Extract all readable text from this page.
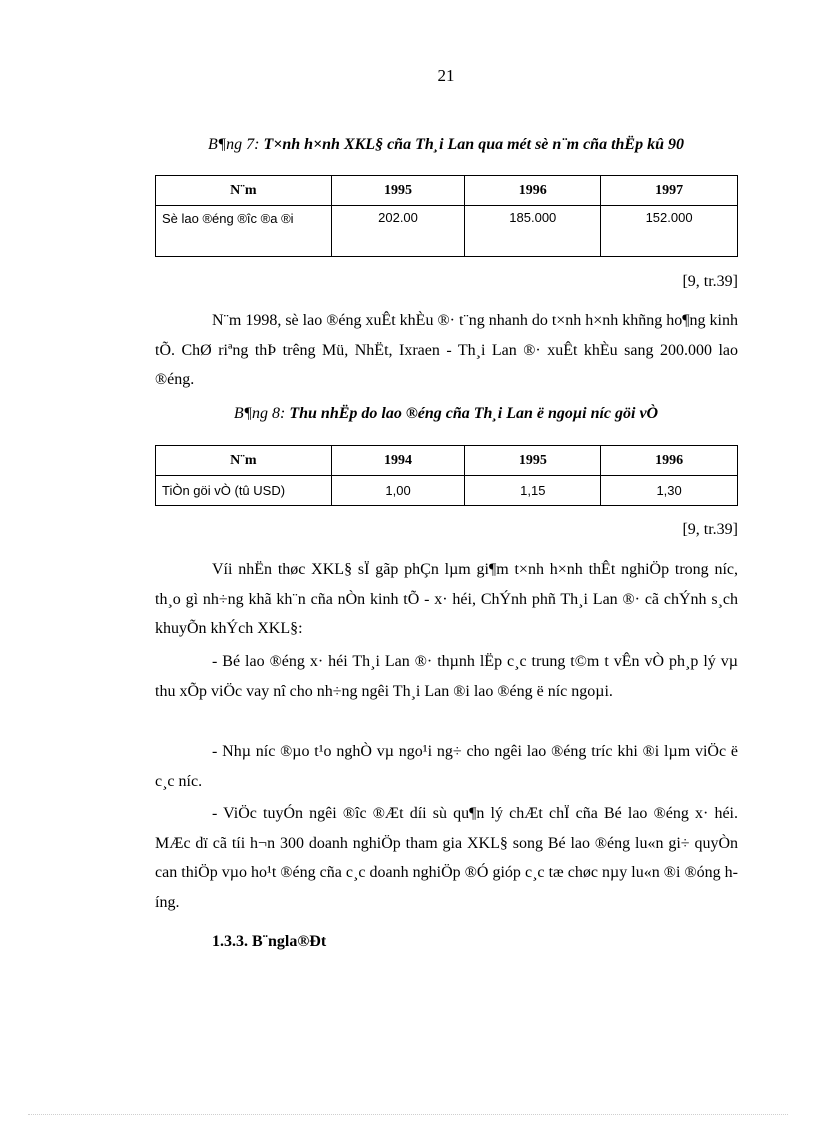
21
B¶ng 7: T×nh h×nh XKL§ cña Th¸i Lan qua mét sè n¨m cña thËp kû 90
N¨m	1995	1996	1997
Sè lao ®éng ®îc ®a ®i	202.00	185.000	152.000
[9, tr.39]

N¨m 1998, sè lao ®éng xuÊt khÈu ®· t¨ng nhanh do t×nh h×nh khñng ho¶ng kinh tÕ. ChØ riªng thÞ trêng Mü, NhËt, Ixraen - Th¸i Lan ®· xuÊt khÈu sang 200.000 lao ®éng.

B¶ng 8: Thu nhËp do lao ®éng cña Th¸i Lan ë ngoµi níc göi vÒ
N¨m	1994	1995	1996
TiÒn göi vÒ (tû USD)	1,00	1,15	1,30
[9, tr.39]

Víi nhËn thøc XKL§ sÏ gãp phÇn lµm gi¶m t×nh h×nh thÊt nghiÖp trong níc, th¸o gì nh÷ng khã kh¨n cña nÒn kinh tÕ - x· héi, ChÝnh phñ Th¸i Lan ®· cã chÝnh s¸ch khuyÕn khÝch XKL§:

- Bé lao ®éng x· héi Th¸i Lan ®· thµnh lËp c¸c trung t©m t vÊn vÒ ph¸p lý vµ thu xÕp viÖc vay nî cho nh÷ng ngêi Th¸i Lan ®i lao ®éng ë níc ngoµi.

- Nhµ níc ®µo t¹o nghÒ vµ ngo¹i ng÷ cho ngêi lao ®éng tríc khi ®i lµm viÖc ë c¸c níc.

- ViÖc tuyÓn ngêi ®îc ®Æt díi sù qu¶n lý chÆt chÏ cña Bé lao ®éng x· héi. MÆc dï cã tíi h¬n 300 doanh nghiÖp tham gia XKL§ song Bé lao ®éng lu«n gi÷ quyÒn can thiÖp vµo ho¹t ®éng cña c¸c doanh nghiÖp ®Ó gióp c¸c tæ chøc nµy lu«n ®i ®óng híng.

1.3.3. B¨ngla®Ðt
